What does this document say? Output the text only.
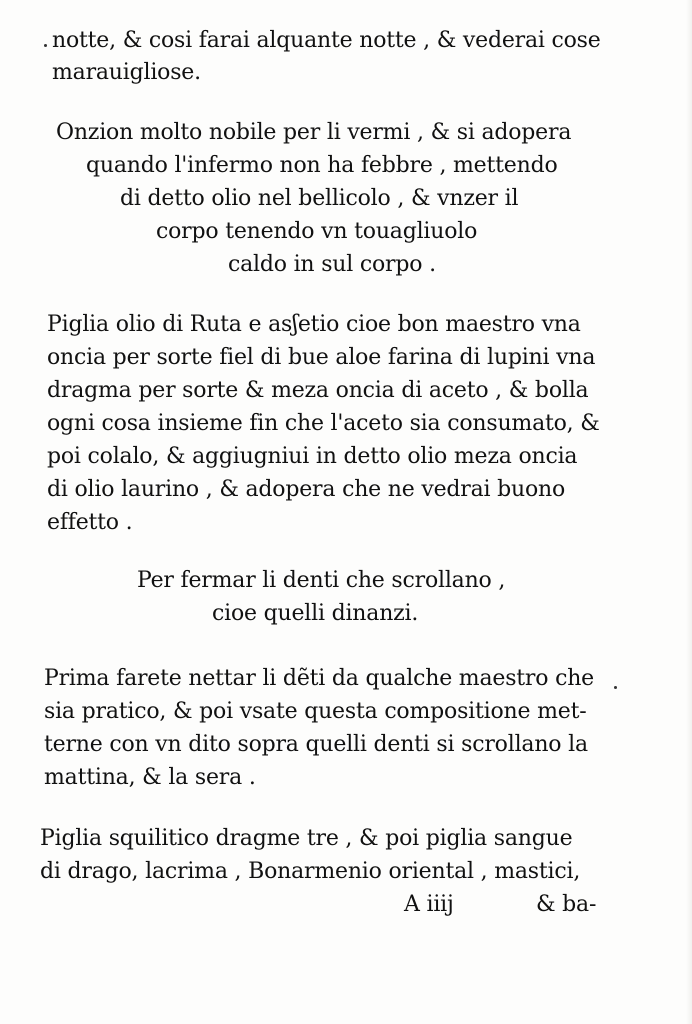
notte, & cosi farai alquante notte , & vederai cose
marauigliose.
Onzion molto nobile per li vermi , & si adopera
quando l'infermo non ha febbre , mettendo
di detto olio nel bellicolo , & vnzer il
corpo tenendo vn touagliuolo
caldo in sul corpo .
Piglia olio di Ruta e asʃetio cioe bon maestro vna
oncia per sorte fiel di bue aloe farina di lupini vna
dragma per sorte & meza oncia di aceto , & bolla
ogni cosa insieme fin che l'aceto sia consumato, &
poi colalo, & aggiugniui in detto olio meza oncia
di olio laurino , & adopera che ne vedrai buono
effetto .
Per fermar li denti che scrollano ,
cioe quelli dinanzi.
Prima farete nettar li dẽti da qualche maestro che
sia pratico, & poi vsate questa compositione met-
terne con vn dito sopra quelli denti si scrollano la
mattina, & la sera .
Piglia squilitico dragme tre , & poi piglia sangue
di drago, lacrima , Bonarmenio oriental , mastici,
A iiij	& ba-
